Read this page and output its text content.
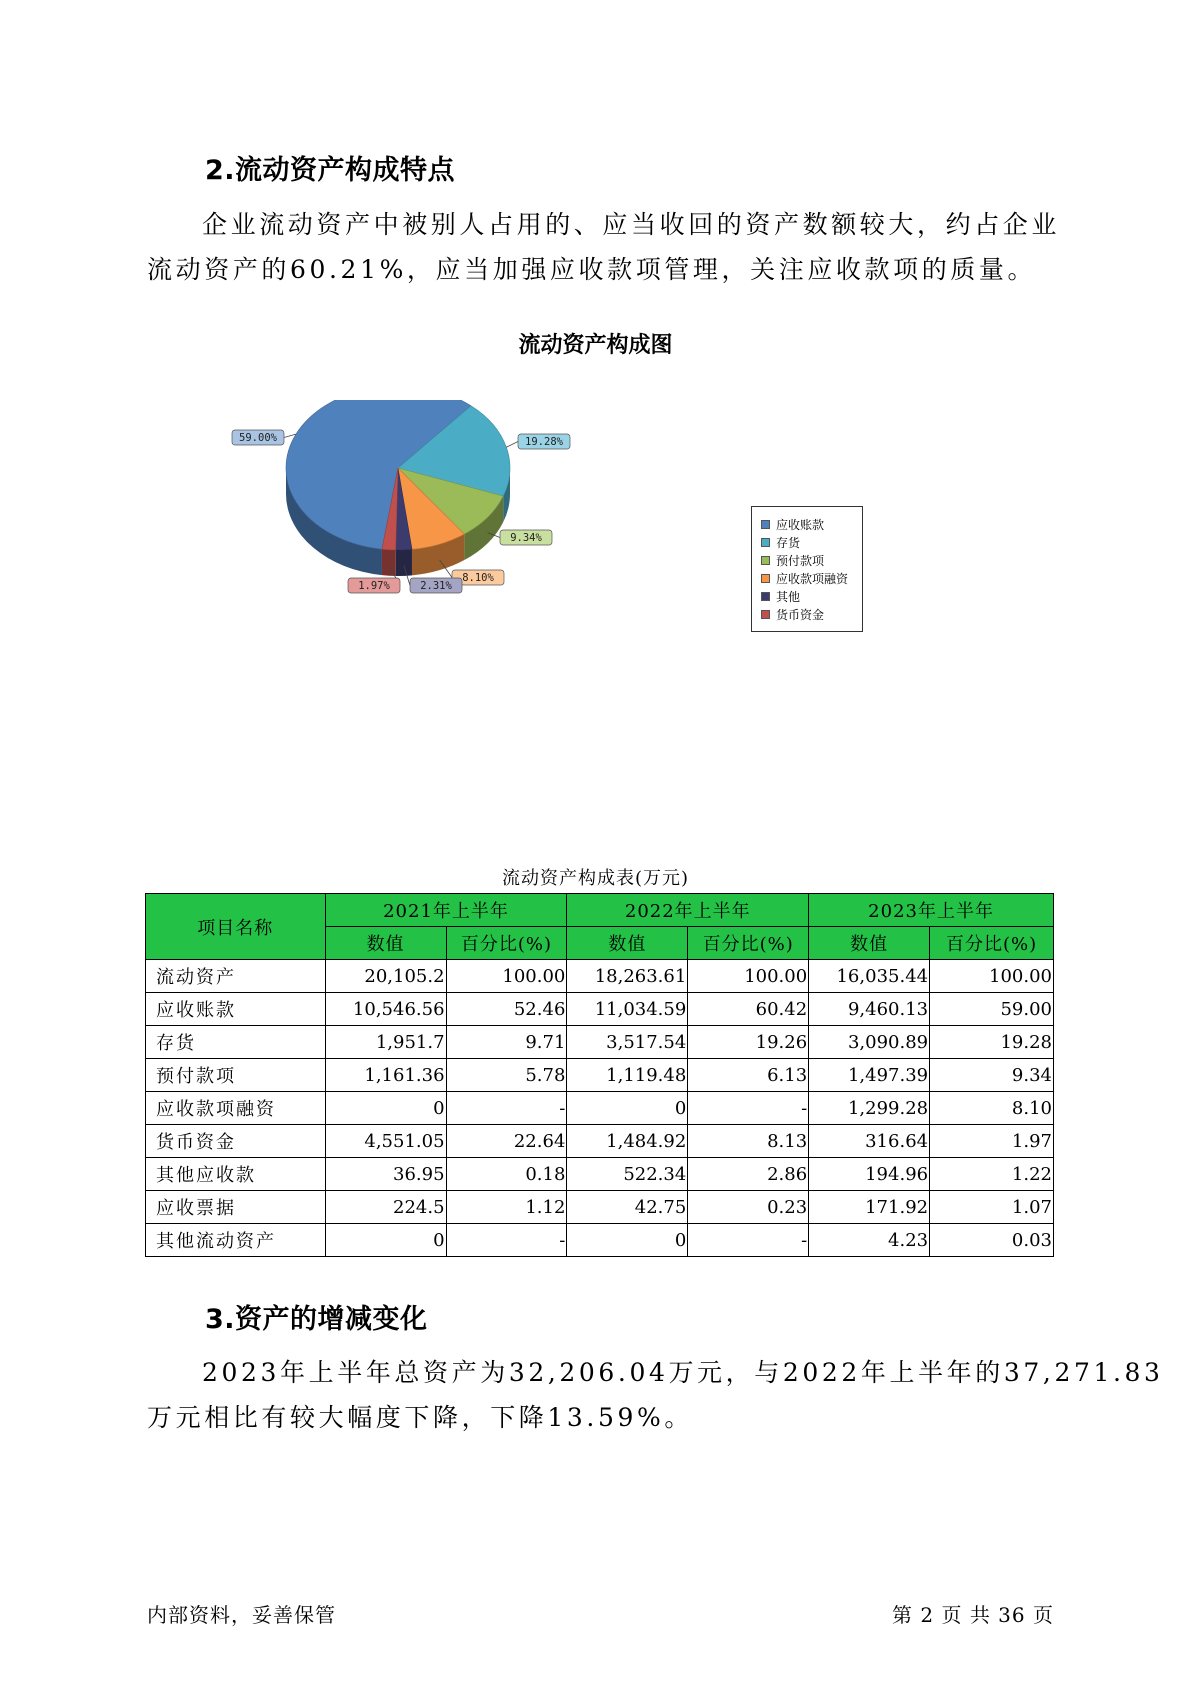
2.流动资产构成特点
企业流动资产中被别人占用的、应当收回的资产数额较大，约占企业
流动资产的60.21%，应当加强应收款项管理，关注应收款项的质量。
流动资产构成图
59.00%	19.28%
9.34%
8.10%
2.31%
1.97%
应收账款
存货
预付款项
应收款项融资
其他
货币资金
流动资产构成表(万元)
项目名称	2021年上半年		2022年上半年		2023年上半年	
	数值	百分比(%)	数值	百分比(%)	数值	百分比(%)
流动资产	20,105.2	100.00	18,263.61	100.00	16,035.44	100.00
应收账款	10,546.56	52.46	11,034.59	60.42	9,460.13	59.00
存货	1,951.7	9.71	3,517.54	19.26	3,090.89	19.28
预付款项	1,161.36	5.78	1,119.48	6.13	1,497.39	9.34
应收款项融资	0	-	0	-	1,299.28	8.10
货币资金	4,551.05	22.64	1,484.92	8.13	316.64	1.97
其他应收款	36.95	0.18	522.34	2.86	194.96	1.22
应收票据	224.5	1.12	42.75	0.23	171.92	1.07
其他流动资产	0	-	0	-	4.23	0.03
3.资产的增减变化
2023年上半年总资产为32,206.04万元，与2022年上半年的37,271.83
万元相比有较大幅度下降，下降13.59%。
内部资料，妥善保管	第 2 页 共 36 页
